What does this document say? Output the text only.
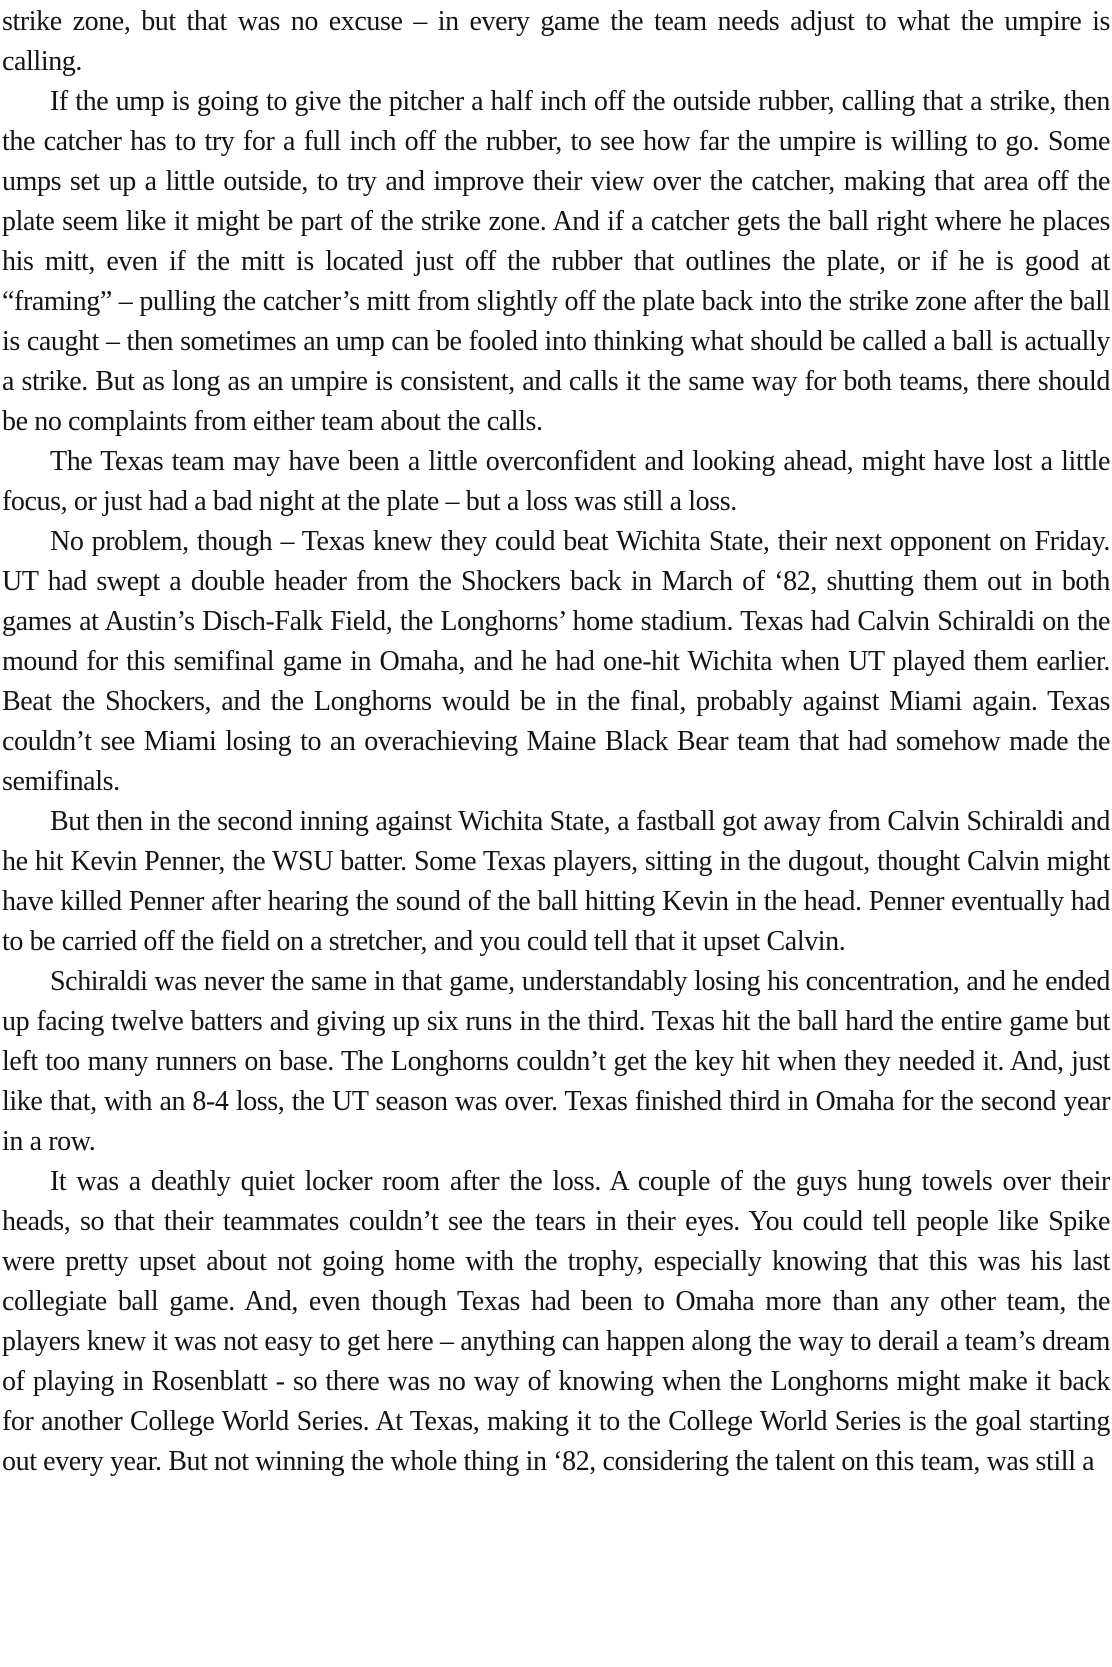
strike zone, but that was no excuse – in every game the team needs adjust to what the umpire is calling.

If the ump is going to give the pitcher a half inch off the outside rubber, calling that a strike, then the catcher has to try for a full inch off the rubber, to see how far the umpire is willing to go. Some umps set up a little outside, to try and improve their view over the catcher, making that area off the plate seem like it might be part of the strike zone. And if a catcher gets the ball right where he places his mitt, even if the mitt is located just off the rubber that outlines the plate, or if he is good at “framing” – pulling the catcher’s mitt from slightly off the plate back into the strike zone after the ball is caught – then sometimes an ump can be fooled into thinking what should be called a ball is actually a strike. But as long as an umpire is consistent, and calls it the same way for both teams, there should be no complaints from either team about the calls.

The Texas team may have been a little overconfident and looking ahead, might have lost a little focus, or just had a bad night at the plate – but a loss was still a loss.

No problem, though – Texas knew they could beat Wichita State, their next opponent on Friday. UT had swept a double header from the Shockers back in March of ‘82, shutting them out in both games at Austin’s Disch-Falk Field, the Longhorns’ home stadium. Texas had Calvin Schiraldi on the mound for this semifinal game in Omaha, and he had one-hit Wichita when UT played them earlier. Beat the Shockers, and the Longhorns would be in the final, probably against Miami again. Texas couldn’t see Miami losing to an overachieving Maine Black Bear team that had somehow made the semifinals.

But then in the second inning against Wichita State, a fastball got away from Calvin Schiraldi and he hit Kevin Penner, the WSU batter. Some Texas players, sitting in the dugout, thought Calvin might have killed Penner after hearing the sound of the ball hitting Kevin in the head. Penner eventually had to be carried off the field on a stretcher, and you could tell that it upset Calvin.

Schiraldi was never the same in that game, understandably losing his concentration, and he ended up facing twelve batters and giving up six runs in the third. Texas hit the ball hard the entire game but left too many runners on base. The Longhorns couldn’t get the key hit when they needed it. And, just like that, with an 8-4 loss, the UT season was over. Texas finished third in Omaha for the second year in a row.

It was a deathly quiet locker room after the loss. A couple of the guys hung towels over their heads, so that their teammates couldn’t see the tears in their eyes. You could tell people like Spike were pretty upset about not going home with the trophy, especially knowing that this was his last collegiate ball game. And, even though Texas had been to Omaha more than any other team, the players knew it was not easy to get here – anything can happen along the way to derail a team’s dream of playing in Rosenblatt - so there was no way of knowing when the Longhorns might make it back for another College World Series. At Texas, making it to the College World Series is the goal starting out every year. But not winning the whole thing in ‘82, considering the talent on this team, was still a
